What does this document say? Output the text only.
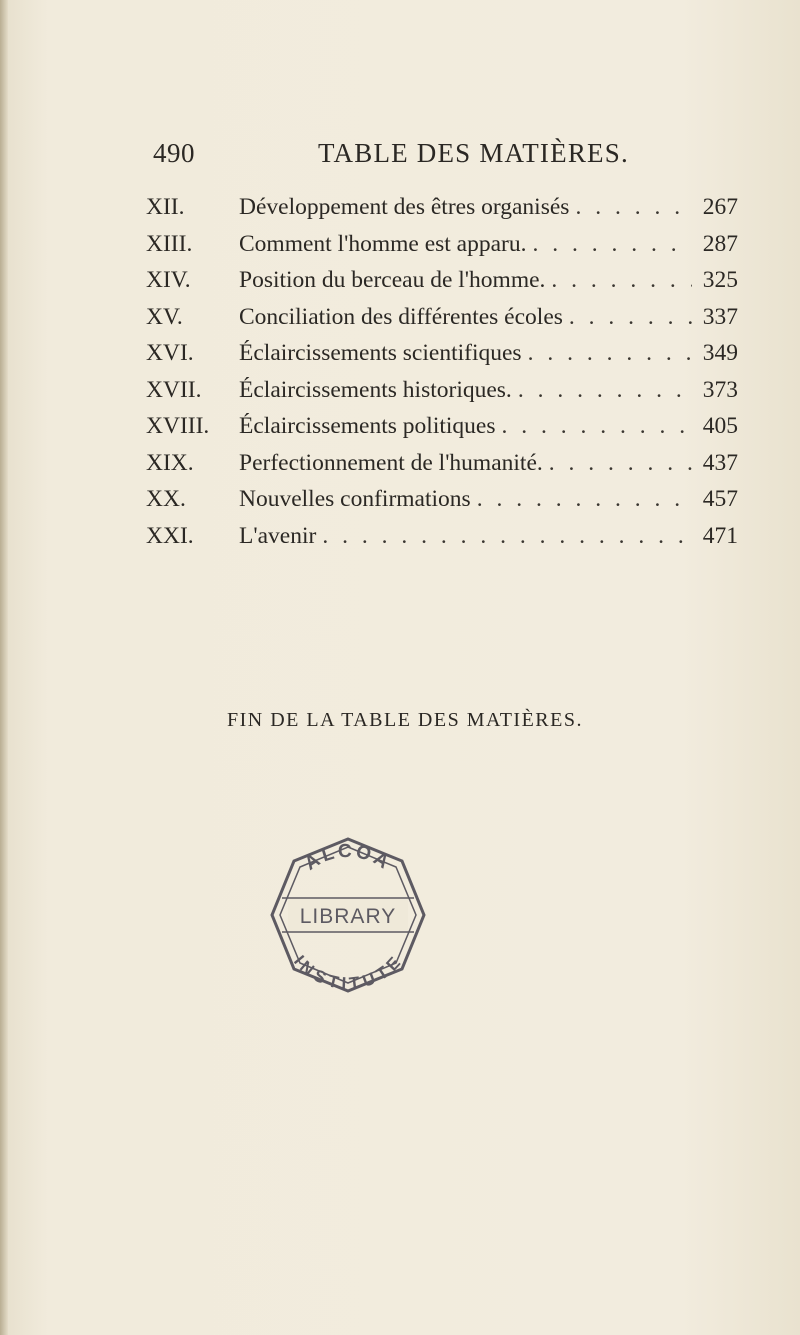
490	TABLE DES MATIÈRES.
XII.	Développement des êtres organisés . . .	267
XIII.	Comment l'homme est apparu. . . .	287
XIV.	Position du berceau de l'homme. . . .	325
XV.	Conciliation des différentes écoles . . .	337
XVI.	Éclaircissements scientifiques . . .	349
XVII.	Éclaircissements historiques. . . .	373
XVIII.	Éclaircissements politiques . . .	405
XIX.	Perfectionnement de l'humanité. . . .	437
XX.	Nouvelles confirmations . . .	457
XXI.	L'avenir . . .	471
FIN DE LA TABLE DES MATIÈRES.
ALCOA
LIBRARY
INSTITUTE
